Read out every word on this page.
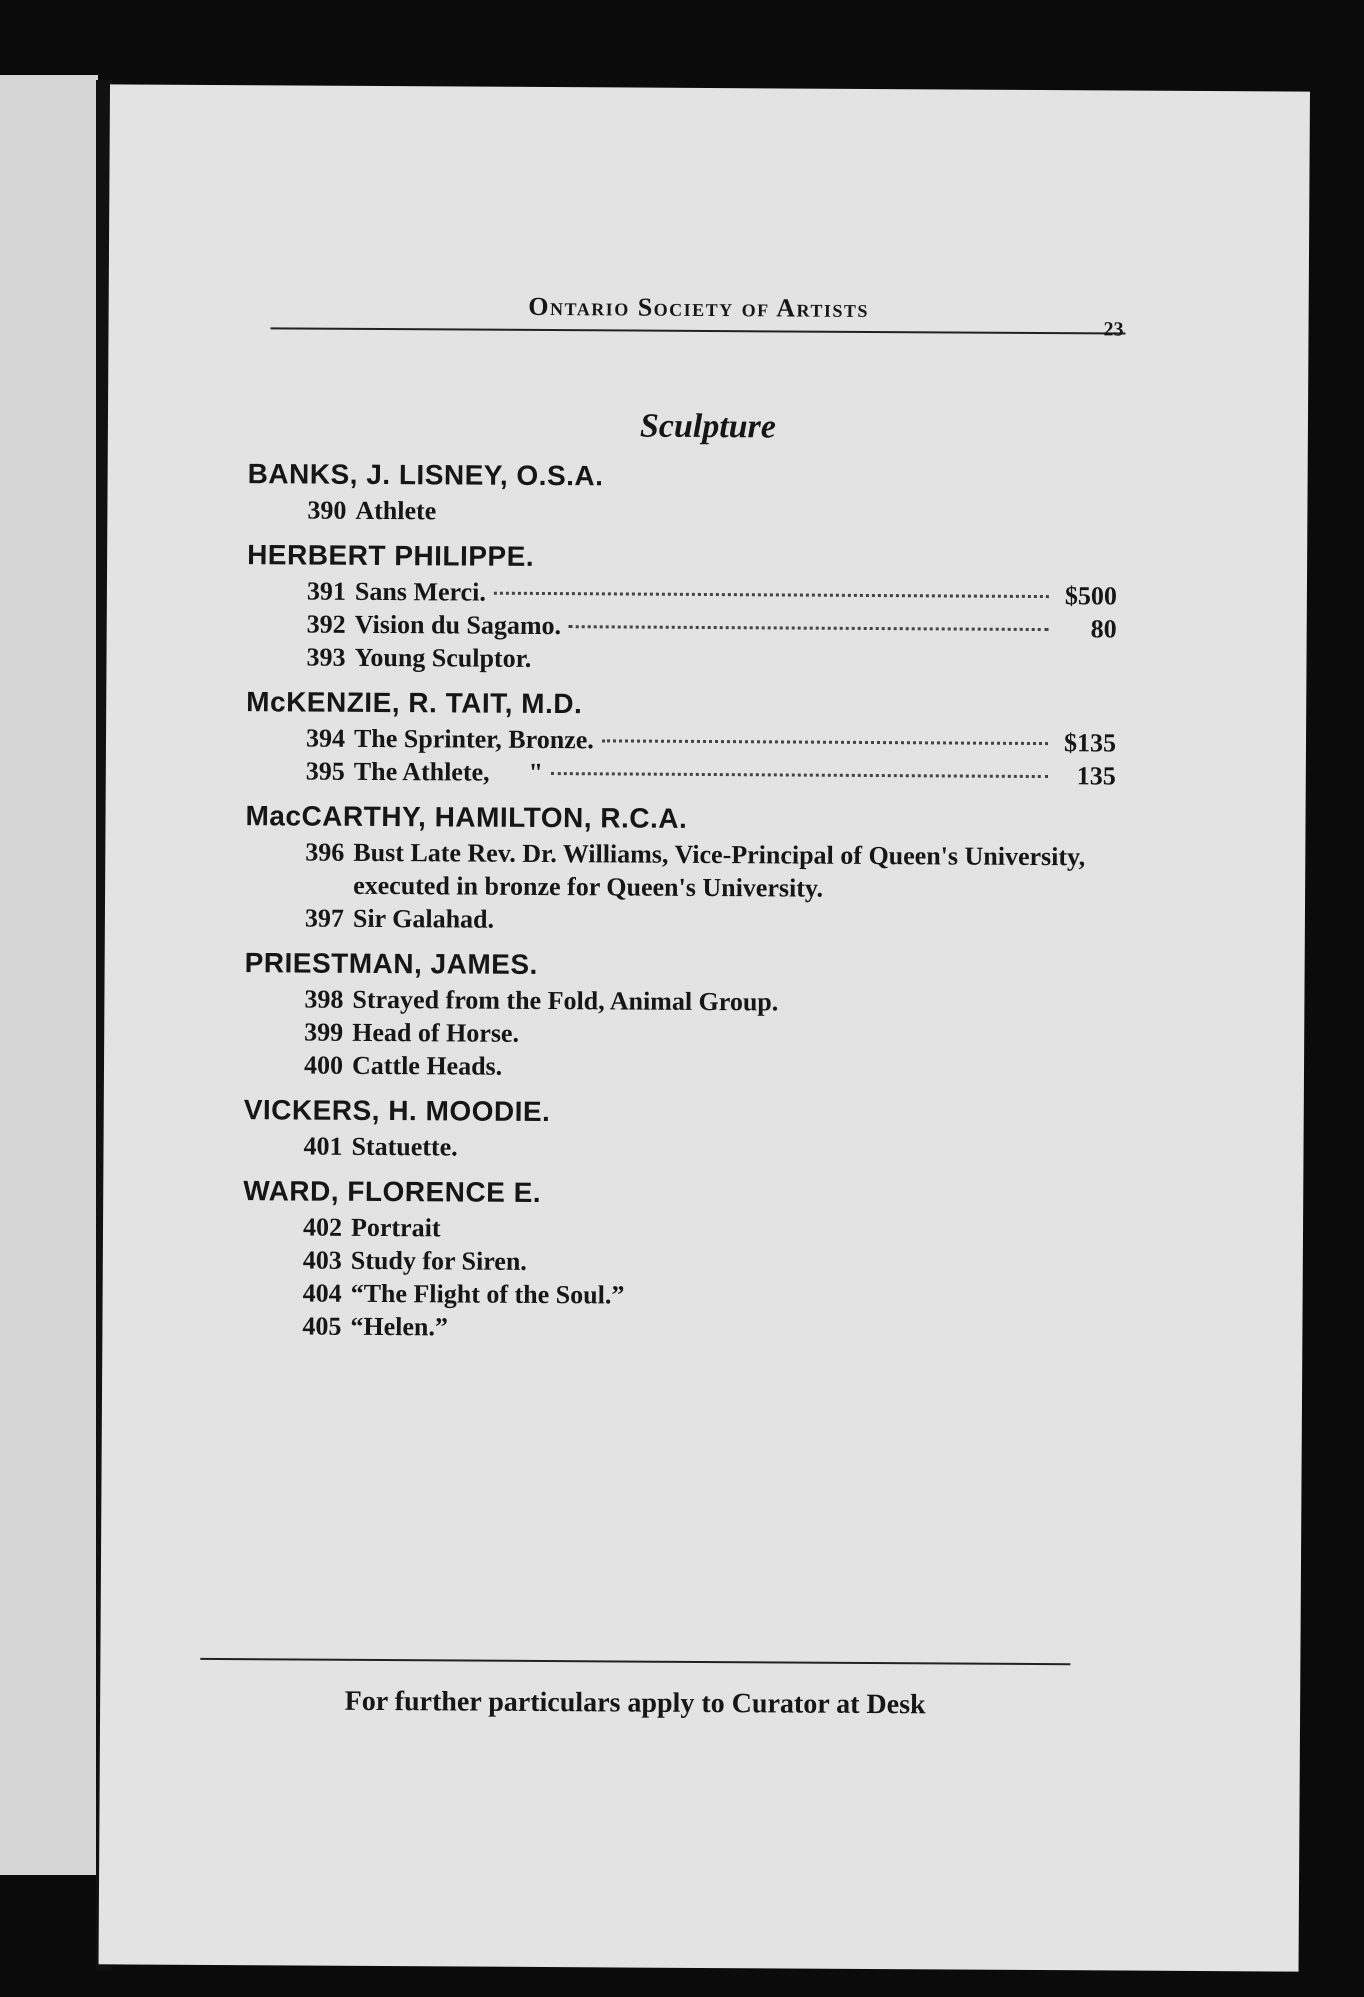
Ontario Society of Artists
23
Sculpture
BANKS, J. LISNEY, O.S.A.
390 Athlete
HERBERT PHILIPPE.
391 Sans Merci.	$500
392 Vision du Sagamo.	80
393 Young Sculptor.
McKENZIE, R. TAIT, M.D.
394 The Sprinter, Bronze.	$135
395 The Athlete,      "	135
MacCARTHY, HAMILTON, R.C.A.
396 Bust Late Rev. Dr. Williams, Vice-Principal of Queen's University, executed in bronze for Queen's University.
397 Sir Galahad.
PRIESTMAN, JAMES.
398 Strayed from the Fold, Animal Group.
399 Head of Horse.
400 Cattle Heads.
VICKERS, H. MOODIE.
401 Statuette.
WARD, FLORENCE E.
402 Portrait
403 Study for Siren.
404 “The Flight of the Soul.”
405 “Helen.”
For further particulars apply to Curator at Desk
